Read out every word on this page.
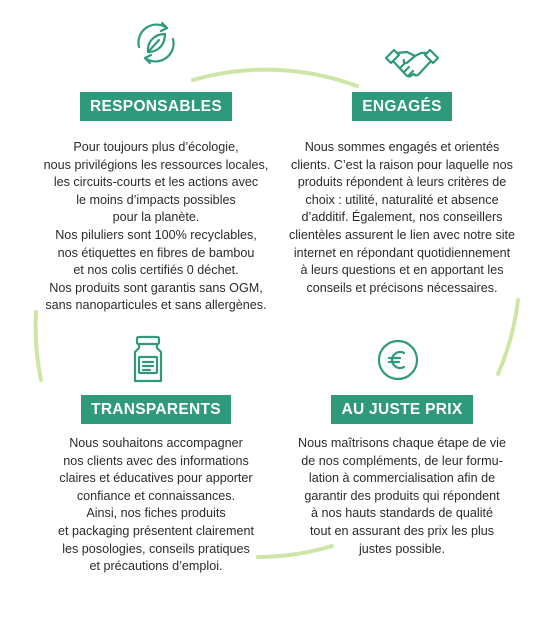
RESPONSABLES
Pour toujours plus d’écologie,
nous privilégions les ressources locales,
les circuits-courts et les actions avec
le moins d’impacts possibles
pour la planète.
Nos piluliers sont 100% recyclables,
nos étiquettes en fibres de bambou
et nos colis certifiés 0 déchet.
Nos produits sont garantis sans OGM,
sans nanoparticules et sans allergènes.
ENGAGÉS
Nous sommes engagés et orientés
clients. C’est la raison pour laquelle nos
produits répondent à leurs critères de
choix : utilité, naturalité et absence
d’additif. Également, nos conseillers
clientèles assurent le lien avec notre site
internet en répondant quotidiennement
à leurs questions et en apportant les
conseils et précisons nécessaires.
TRANSPARENTS
Nous souhaitons accompagner
nos clients avec des informations
claires et éducatives pour apporter
confiance et connaissances.
Ainsi, nos fiches produits
et packaging présentent clairement
les posologies, conseils pratiques
et précautions d’emploi.
AU JUSTE PRIX
Nous maîtrisons chaque étape de vie
de nos compléments, de leur formu-
lation à commercialisation afin de
garantir des produits qui répondent
à nos hauts standards de qualité
tout en assurant des prix les plus
justes possible.
